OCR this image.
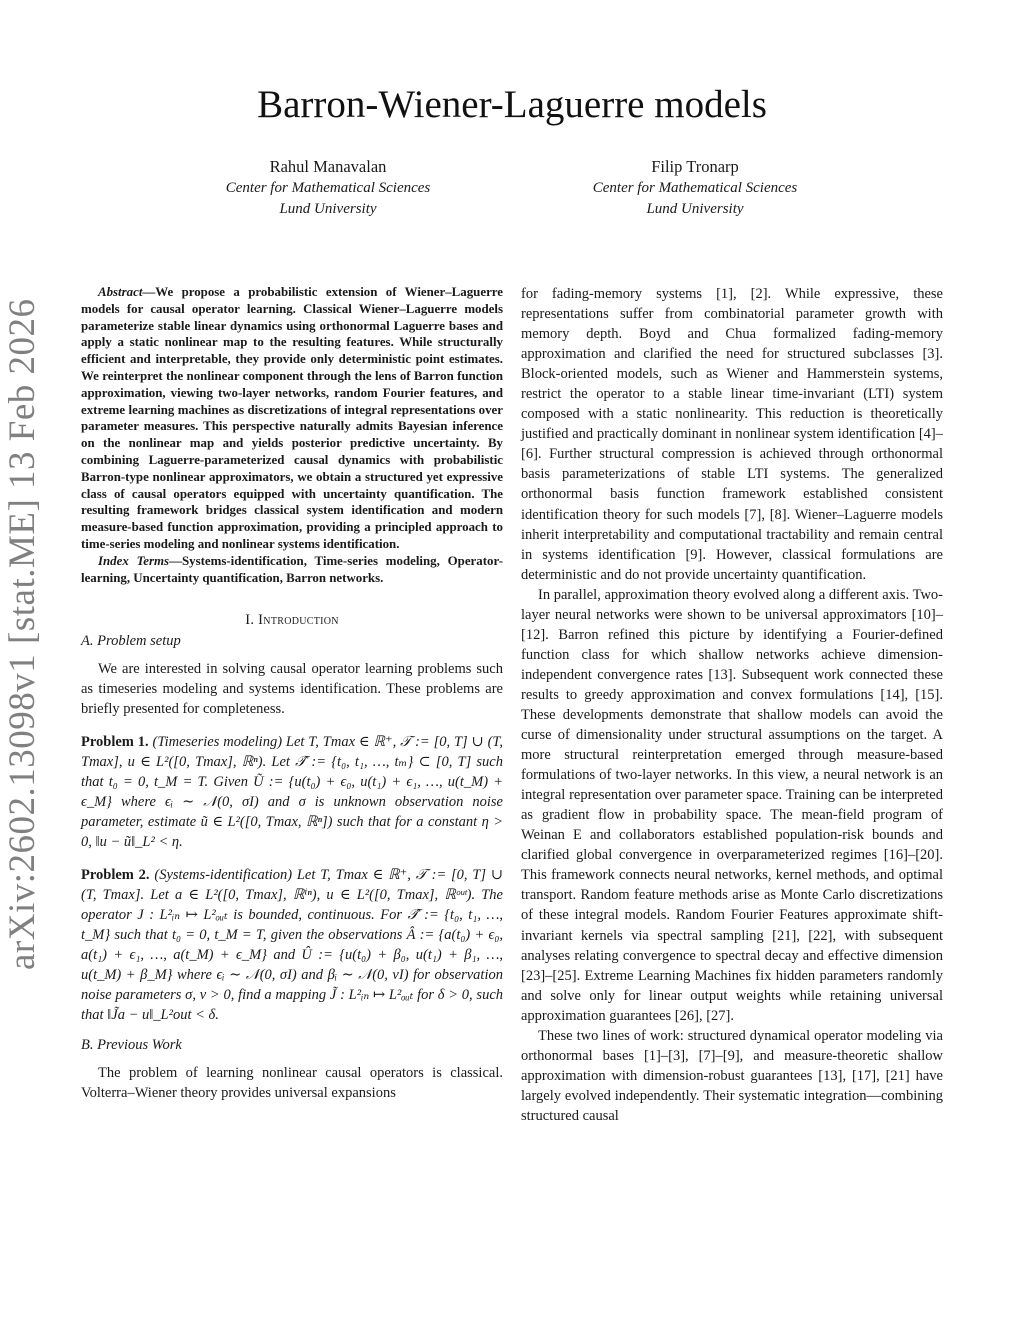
arXiv:2602.13098v1 [stat.ME] 13 Feb 2026
Barron-Wiener-Laguerre models
Rahul Manavalan
Center for Mathematical Sciences
Lund University
Filip Tronarp
Center for Mathematical Sciences
Lund University

Abstract—We propose a probabilistic extension of Wiener–Laguerre models for causal operator learning. Classical Wiener–Laguerre models parameterize stable linear dynamics using orthonormal Laguerre bases and apply a static nonlinear map to the resulting features. While structurally efficient and interpretable, they provide only deterministic point estimates. We reinterpret the nonlinear component through the lens of Barron function approximation, viewing two-layer networks, random Fourier features, and extreme learning machines as discretizations of integral representations over parameter measures. This perspective naturally admits Bayesian inference on the nonlinear map and yields posterior predictive uncertainty. By combining Laguerre-parameterized causal dynamics with probabilistic Barron-type nonlinear approximators, we obtain a structured yet expressive class of causal operators equipped with uncertainty quantification. The resulting framework bridges classical system identification and modern measure-based function approximation, providing a principled approach to time-series modeling and nonlinear systems identification.

Index Terms—Systems-identification, Time-series modeling, Operator-learning, Uncertainty quantification, Barron networks.

I. Introduction
A. Problem setup

We are interested in solving causal operator learning problems such as timeseries modeling and systems identification. These problems are briefly presented for completeness.

Problem 1. (Timeseries modeling) Let T, Tmax ∈ ℝ⁺, 𝒯 := [0, T] ∪ (T, Tmax], u ∈ L²([0, Tmax], ℝⁿ). Let 𝒯̂ := {t₀, t₁, …, tₘ} ⊂ [0, T] such that t₀ = 0, t_M = T. Given Ũ := {u(t₀) + ϵ₀, u(t₁) + ϵ₁, …, u(t_M) + ϵ_M} where ϵᵢ ∼ 𝒩(0, σI) and σ is unknown observation noise parameter, estimate ũ ∈ L²([0, Tmax, ℝⁿ]) such that for a constant η > 0, ‖u − ũ‖_L² < η.

Problem 2. (Systems-identification) Let T, Tmax ∈ ℝ⁺, 𝒯 := [0, T] ∪ (T, Tmax]. Let a ∈ L²([0, Tmax], ℝⁱⁿ), u ∈ L²([0, Tmax], ℝᵒᵘᵗ). The operator J : L²ᵢₙ ↦ L²ₒᵤₜ is bounded, continuous. For 𝒯̂ := {t₀, t₁, …, t_M} such that t₀ = 0, t_M = T, given the observations Â := {a(t₀) + ϵ₀, a(t₁) + ϵ₁, …, a(t_M) + ϵ_M} and Û := {u(t₀) + β₀, u(t₁) + β₁, …, u(t_M) + β_M} where ϵᵢ ∼ 𝒩(0, σI) and βᵢ ∼ 𝒩(0, νI) for observation noise parameters σ, ν > 0, find a mapping J̃ : L²ᵢₙ ↦ L²ₒᵤₜ for δ > 0, such that ‖J̃a − u‖_L²out < δ.

B. Previous Work

The problem of learning nonlinear causal operators is classical. Volterra–Wiener theory provides universal expansions

for fading-memory systems [1], [2]. While expressive, these representations suffer from combinatorial parameter growth with memory depth. Boyd and Chua formalized fading-memory approximation and clarified the need for structured subclasses [3]. Block-oriented models, such as Wiener and Hammerstein systems, restrict the operator to a stable linear time-invariant (LTI) system composed with a static nonlinearity. This reduction is theoretically justified and practically dominant in nonlinear system identification [4]–[6]. Further structural compression is achieved through orthonormal basis parameterizations of stable LTI systems. The generalized orthonormal basis function framework established consistent identification theory for such models [7], [8]. Wiener–Laguerre models inherit interpretability and computational tractability and remain central in systems identification [9]. However, classical formulations are deterministic and do not provide uncertainty quantification.

In parallel, approximation theory evolved along a different axis. Two-layer neural networks were shown to be universal approximators [10]–[12]. Barron refined this picture by identifying a Fourier-defined function class for which shallow networks achieve dimension-independent convergence rates [13]. Subsequent work connected these results to greedy approximation and convex formulations [14], [15]. These developments demonstrate that shallow models can avoid the curse of dimensionality under structural assumptions on the target. A more structural reinterpretation emerged through measure-based formulations of two-layer networks. In this view, a neural network is an integral representation over parameter space. Training can be interpreted as gradient flow in probability space. The mean-field program of Weinan E and collaborators established population-risk bounds and clarified global convergence in overparameterized regimes [16]–[20]. This framework connects neural networks, kernel methods, and optimal transport. Random feature methods arise as Monte Carlo discretizations of these integral models. Random Fourier Features approximate shift-invariant kernels via spectral sampling [21], [22], with subsequent analyses relating convergence to spectral decay and effective dimension [23]–[25]. Extreme Learning Machines fix hidden parameters randomly and solve only for linear output weights while retaining universal approximation guarantees [26], [27].

These two lines of work: structured dynamical operator modeling via orthonormal bases [1]–[3], [7]–[9], and measure-theoretic shallow approximation with dimension-robust guarantees [13], [17], [21] have largely evolved independently. Their systematic integration—combining structured causal
